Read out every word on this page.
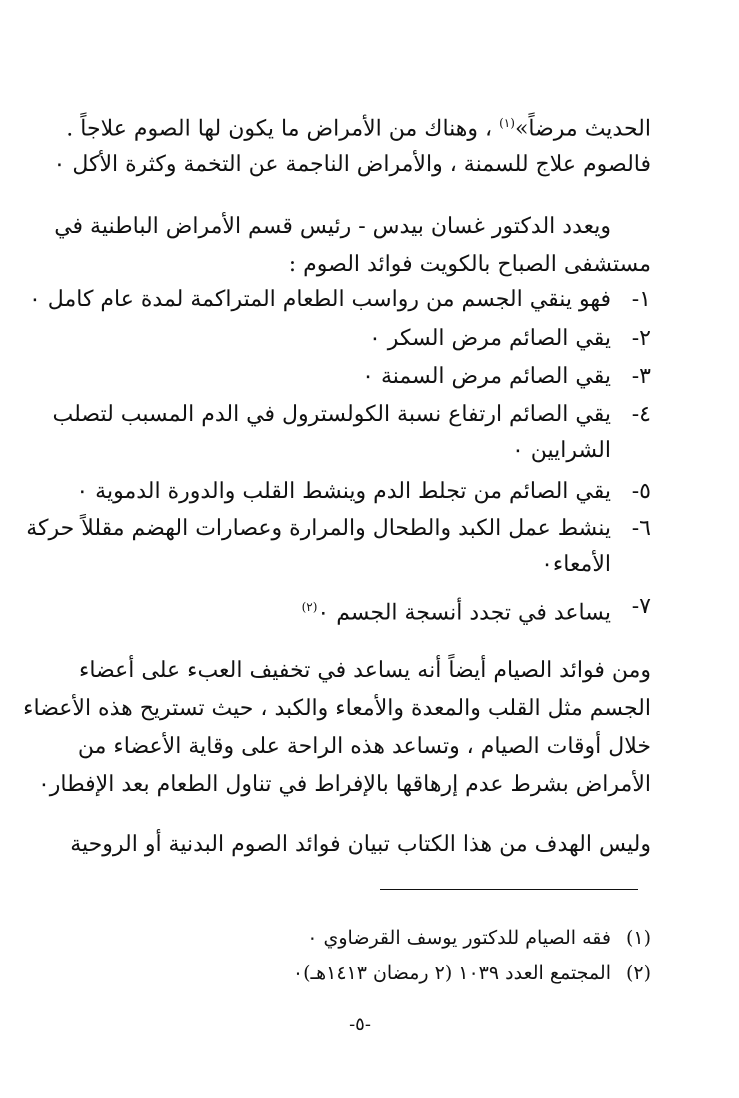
الحديث مرضاً»$^{(١)}$ ، وهناك من الأمراض ما يكون لها الصوم علاجاً .
فالصوم علاج للسمنة ، والأمراض الناجمة عن التخمة وكثرة الأكل ٠
ويعدد الدكتور غسان بيدس - رئيس قسم الأمراض الباطنية في
مستشفى الصباح بالكويت فوائد الصوم :
١-
فهو ينقي الجسم من رواسب الطعام المتراكمة لمدة عام كامل ٠
٢-
يقي الصائم مرض السكر ٠
٣-
يقي الصائم مرض السمنة ٠
٤-
يقي الصائم ارتفاع نسبة الكولسترول في الدم المسبب لتصلب
الشرايين ٠
٥-
يقي الصائم من تجلط الدم وينشط القلب والدورة الدموية ٠
٦-
ينشط عمل الكبد والطحال والمرارة وعصارات الهضم مقللاً حركة
الأمعاء٠
٧-
يساعد في تجدد أنسجة الجسم ٠$^{(٢)}$
ومن فوائد الصيام أيضاً أنه يساعد في تخفيف العبء على أعضاء
الجسم مثل القلب والمعدة والأمعاء والكبد ، حيث تستريح هذه الأعضاء
خلال أوقات الصيام ، وتساعد هذه الراحة على وقاية الأعضاء من
الأمراض بشرط عدم إرهاقها بالإفراط في تناول الطعام بعد الإفطار٠
وليس الهدف من هذا الكتاب تبيان فوائد الصوم البدنية أو الروحية
(١)
فقه الصيام للدكتور يوسف القرضاوي ٠
(٢)
المجتمع العدد ١٠٣٩ (٢ رمضان ١٤١٣هـ)٠
-٥-
